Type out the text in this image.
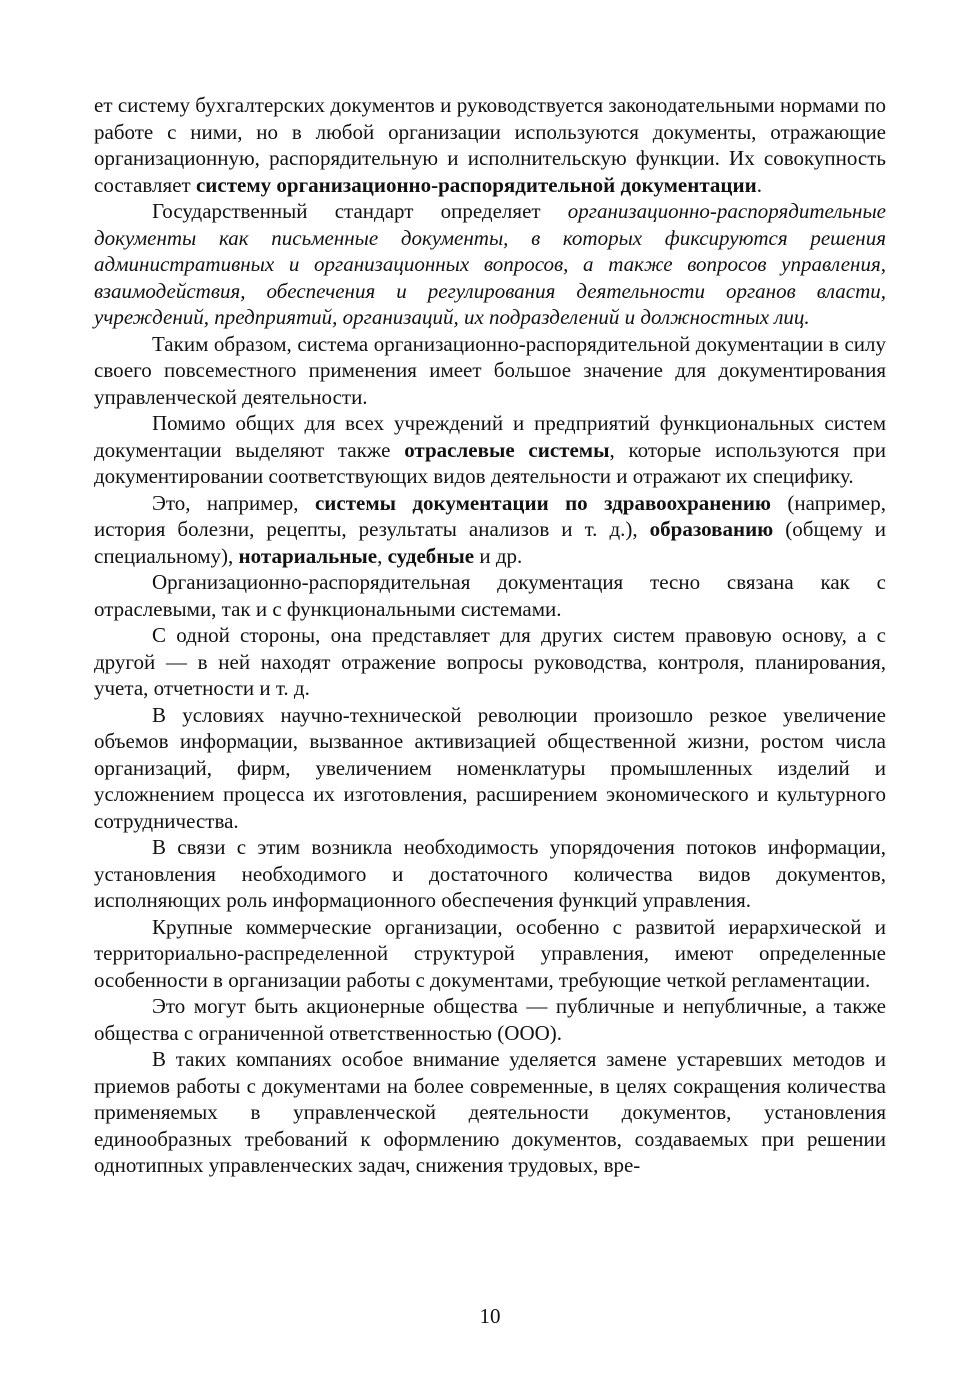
ет систему бухгалтерских документов и руководствуется законодательными нормами по работе с ними, но в любой организации используются документы, отражающие организационную, распорядительную и исполнительскую функции. Их совокупность составляет систему организационно-распорядительной документации.

Государственный стандарт определяет организационно-распорядительные документы как письменные документы, в которых фиксируются решения административных и организационных вопросов, а также вопросов управления, взаимодействия, обеспечения и регулирования деятельности органов власти, учреждений, предприятий, организаций, их подразделений и должностных лиц.

Таким образом, система организационно-распорядительной документации в силу своего повсеместного применения имеет большое значение для документирования управленческой деятельности.

Помимо общих для всех учреждений и предприятий функциональных систем документации выделяют также отраслевые системы, которые используются при документировании соответствующих видов деятельности и отражают их специфику.

Это, например, системы документации по здравоохранению (например, история болезни, рецепты, результаты анализов и т. д.), образованию (общему и специальному), нотариальные, судебные и др.

Организационно-распорядительная документация тесно связана как с отраслевыми, так и с функциональными системами.

С одной стороны, она представляет для других систем правовую основу, а с другой — в ней находят отражение вопросы руководства, контроля, планирования, учета, отчетности и т. д.

В условиях научно-технической революции произошло резкое увеличение объемов информации, вызванное активизацией общественной жизни, ростом числа организаций, фирм, увеличением номенклатуры промышленных изделий и усложнением процесса их изготовления, расширением экономического и культурного сотрудничества.

В связи с этим возникла необходимость упорядочения потоков информации, установления необходимого и достаточного количества видов документов, исполняющих роль информационного обеспечения функций управления.

Крупные коммерческие организации, особенно с развитой иерархической и территориально-распределенной структурой управления, имеют определенные особенности в организации работы с документами, требующие четкой регламентации.

Это могут быть акционерные общества — публичные и непубличные, а также общества с ограниченной ответственностью (ООО).

В таких компаниях особое внимание уделяется замене устаревших методов и приемов работы с документами на более современные, в целях сокращения количества применяемых в управленческой деятельности документов, установления единообразных требований к оформлению документов, создаваемых при решении однотипных управленческих задач, снижения трудовых, вре-

10
